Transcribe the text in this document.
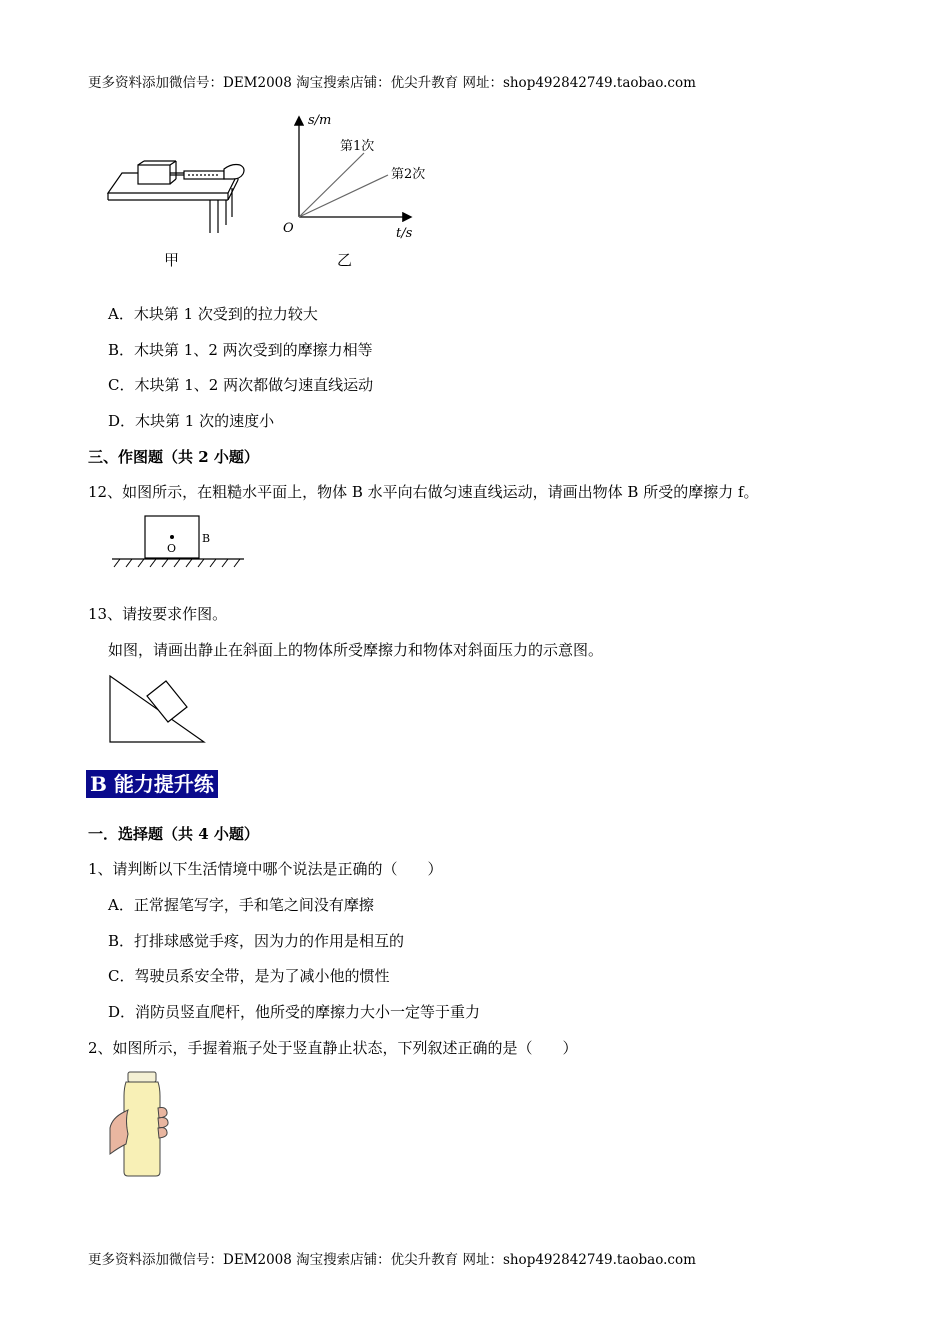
更多资料添加微信号：DEM2008 淘宝搜索店铺：优尖升教育 网址：shop492842749.taobao.com
甲
s/m
t/s
O
第1次
第2次
乙
A．木块第 1 次受到的拉力较大
B．木块第 1、2 两次受到的摩擦力相等
C．木块第 1、2 两次都做匀速直线运动
D．木块第 1 次的速度小
三、作图题（共 2 小题）
12、如图所示，在粗糙水平面上，物体 B 水平向右做匀速直线运动，请画出物体 B 所受的摩擦力 f。
O
B
13、请按要求作图。
如图，请画出静止在斜面上的物体所受摩擦力和物体对斜面压力的示意图。
B 能力提升练
一．选择题（共 4 小题）
1、请判断以下生活情境中哪个说法是正确的（　　）
A．正常握笔写字，手和笔之间没有摩擦
B．打排球感觉手疼，因为力的作用是相互的
C．驾驶员系安全带，是为了减小他的惯性
D．消防员竖直爬杆，他所受的摩擦力大小一定等于重力
2、如图所示，手握着瓶子处于竖直静止状态，下列叙述正确的是（　　）
更多资料添加微信号：DEM2008 淘宝搜索店铺：优尖升教育 网址：shop492842749.taobao.com
